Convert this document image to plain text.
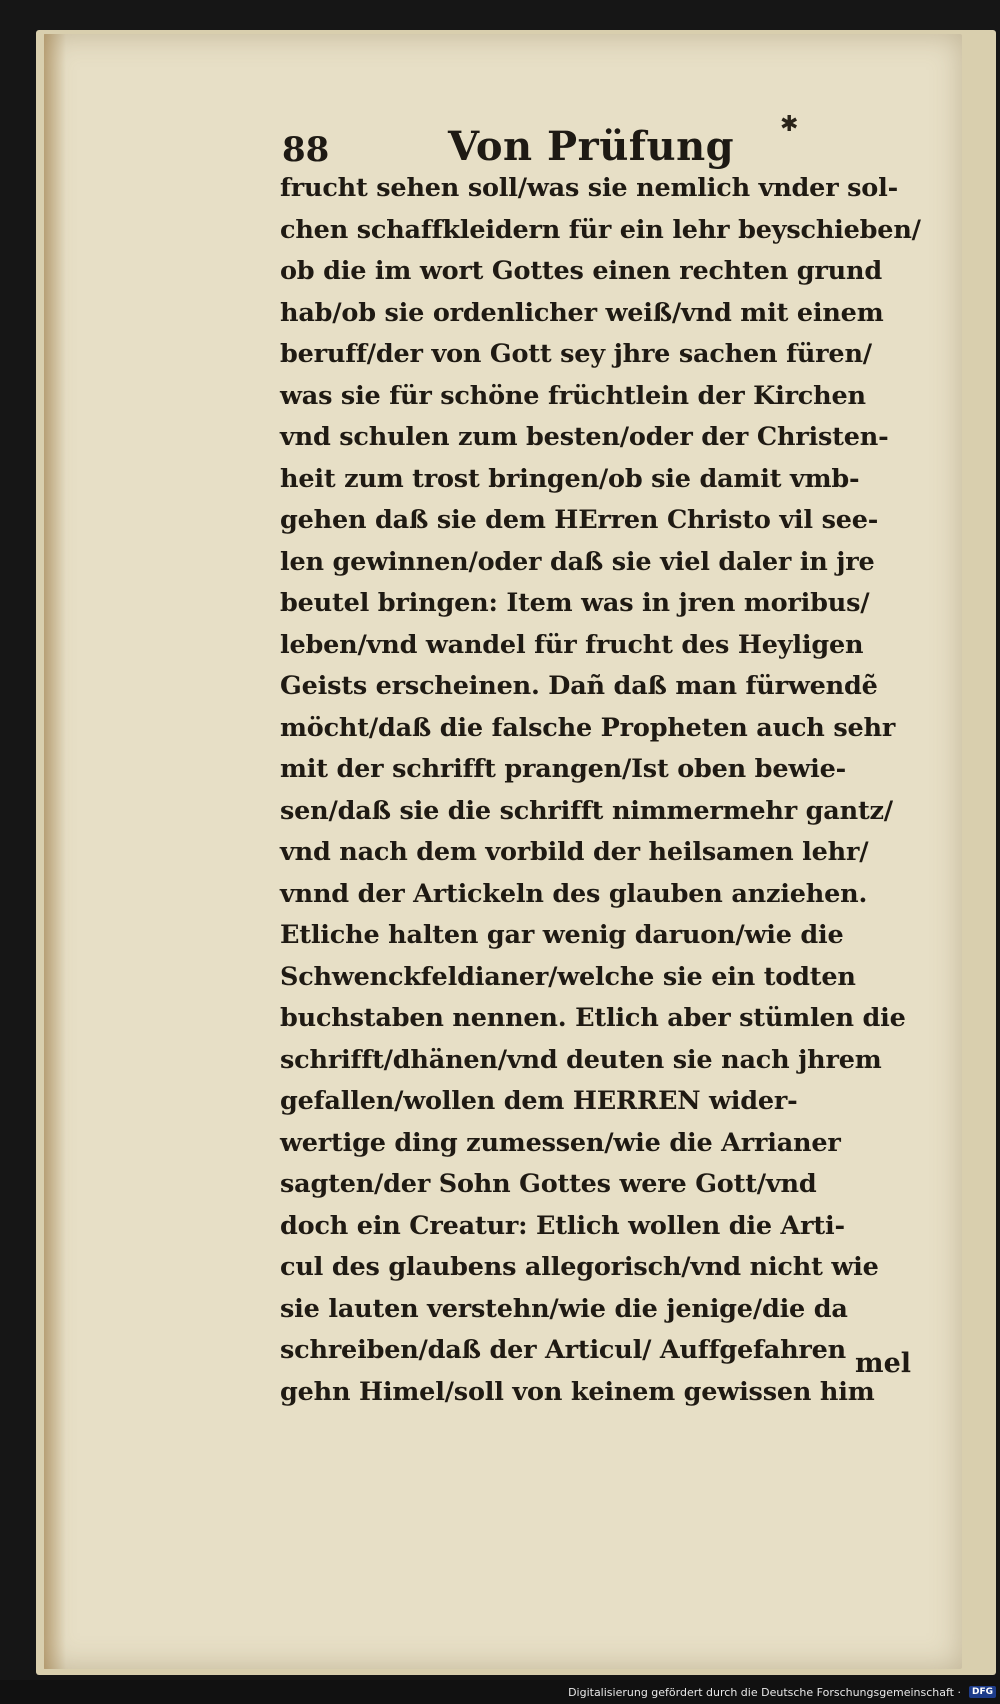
88	Von Prüfung ✱
frucht sehen soll/was sie nemlich vnder sol-
chen schaffkleidern für ein lehr beyschieben/
ob die im wort Gottes einen rechten grund
hab/ob sie ordenlicher weiß/vnd mit einem
beruff/der von Gott sey jhre sachen füren/
was sie für schöne früchtlein der Kirchen
vnd schulen zum besten/oder der Christen-
heit zum trost bringen/ob sie damit vmb-
gehen daß sie dem HErren Christo vil see-
len gewinnen/oder daß sie viel daler in jre
beutel bringen: Item was in jren moribus/
leben/vnd wandel für frucht des Heyligen
Geists erscheinen. Dañ daß man fürwendẽ
möcht/daß die falsche Propheten auch sehr
mit der schrifft prangen/Ist oben bewie-
sen/daß sie die schrifft nimmermehr gantz/
vnd nach dem vorbild der heilsamen lehr/
vnnd der Artickeln des glauben anziehen.
Etliche halten gar wenig daruon/wie die
Schwenckfeldianer/welche sie ein todten
buchstaben nennen. Etlich aber stümlen die
schrifft/dhänen/vnd deuten sie nach jhrem
gefallen/wollen dem HERREN wider-
wertige ding zumessen/wie die Arrianer
sagten/der Sohn Gottes were Gott/vnd
doch ein Creatur: Etlich wollen die Arti-
cul des glaubens allegorisch/vnd nicht wie
sie lauten verstehn/wie die jenige/die da
schreiben/daß der Articul/ Auffgefahren
gehn Himel/soll von keinem gewissen him
mel
Digitalisierung gefördert durch die Deutsche Forschungsgemeinschaft ·	DFG
